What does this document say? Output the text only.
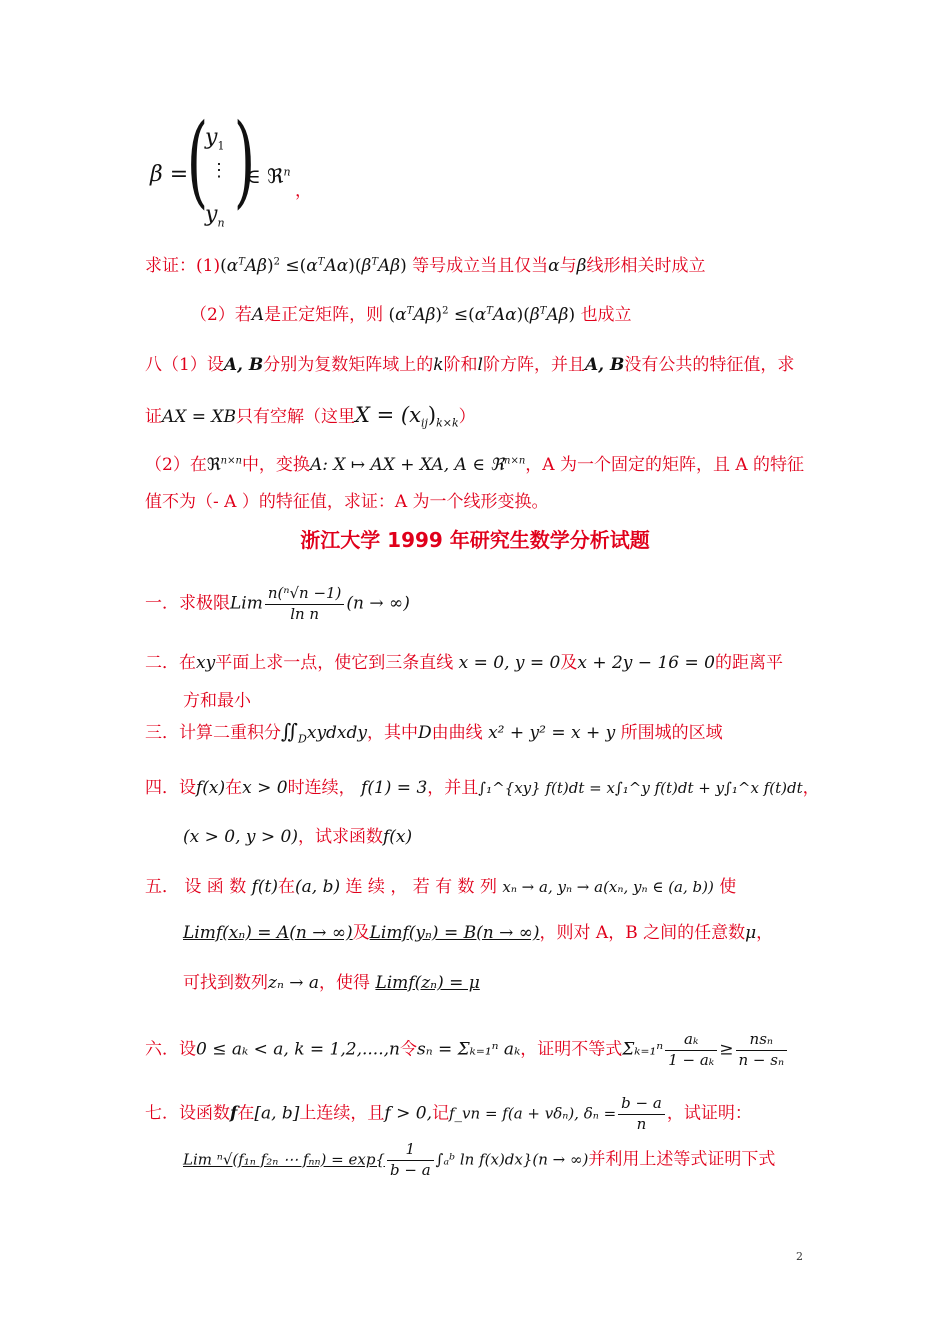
β =
(
$y_1$
⋮
$y_n$
)
∈ ℜ$^n$
，
求证：$(1)(\alpha^TA\beta)^2 \le(\alpha^TA\alpha)(\beta^TA\beta)$ 等号成立当且仅当α与β线形相关时成立
（2）若A是正定矩阵，则 $(\alpha^TA\beta)^2 \le(\alpha^TA\alpha)(\beta^TA\beta)$ 也成立
八（1）设A, B分别为复数矩阵域上的k阶和l阶方阵，并且A, B没有公共的特征值，求
证AX = XB只有空解（这里$X = (x_{ij})_{k\times k}$）
（2）在ℜ$^{n\times n}$中，变换A: X ↦ AX + XA, A ∈ ℜ$^{n\times n}$，A 为一个固定的矩阵，且 A 的特征
值不为（- A ）的特征值，求证：A 为一个线形变换。
浙江大学 1999 年研究生数学分析试题
一．求极限Lim $\frac{\text{n(ⁿ√n −1)}}{\text{ln n}} (n$ → ∞)
二．在xy平面上求一点，使它到三条直线 x = 0, y = 0及x + 2y − 16 = 0的距离平
方和最小
三．计算二重积分$∬_Dxydxdy$，其中D由曲线 x² + y² = x + y 所围城的区域
四．设f(x)在x > 0时连续， f(1) = 3，并且∫₁^{xy} f(t)dt = x∫₁^y f(t)dt + y∫₁^x f(t)dt，
(x > 0, y > 0)，试求函数f(x)
五． 设 函 数 f(t)在(a, b) 连 续 ， 若 有 数 列 xₙ → a, yₙ → a(xₙ, yₙ ∈ (a, b)) 使
Limf(xₙ) = A(n → ∞)及Limf(yₙ) = B(n → ∞)，则对 A，B 之间的任意数μ，
可找到数列zₙ → a，使得 Limf(zₙ) = μ
六．设0 ≤ aₖ < a, k = 1,2,....,n令sₙ = Σₖ₌₁ⁿ aₖ，证明不等式$\Sigma_{k=1}^n \frac{\text{aₖ}}{\text{1 − aₖ}} \ge \frac{\text{nsₙ}}{\text{n − sₙ}}$
七．设函数f在[a, b]上连续，且f > 0,记f_vn = f(a + vδₙ), $\delta_n = \frac{b - a}{n}$ ，试证明：
Lim ⁿ√(f₁ₙ f₂ₙ ⋯ $f_{nn}) = \exp\{ \frac{1}{b - a}$ ∫ₐᵇ ln f(x)dx}(n → ∞)并利用上述等式证明下式
2
